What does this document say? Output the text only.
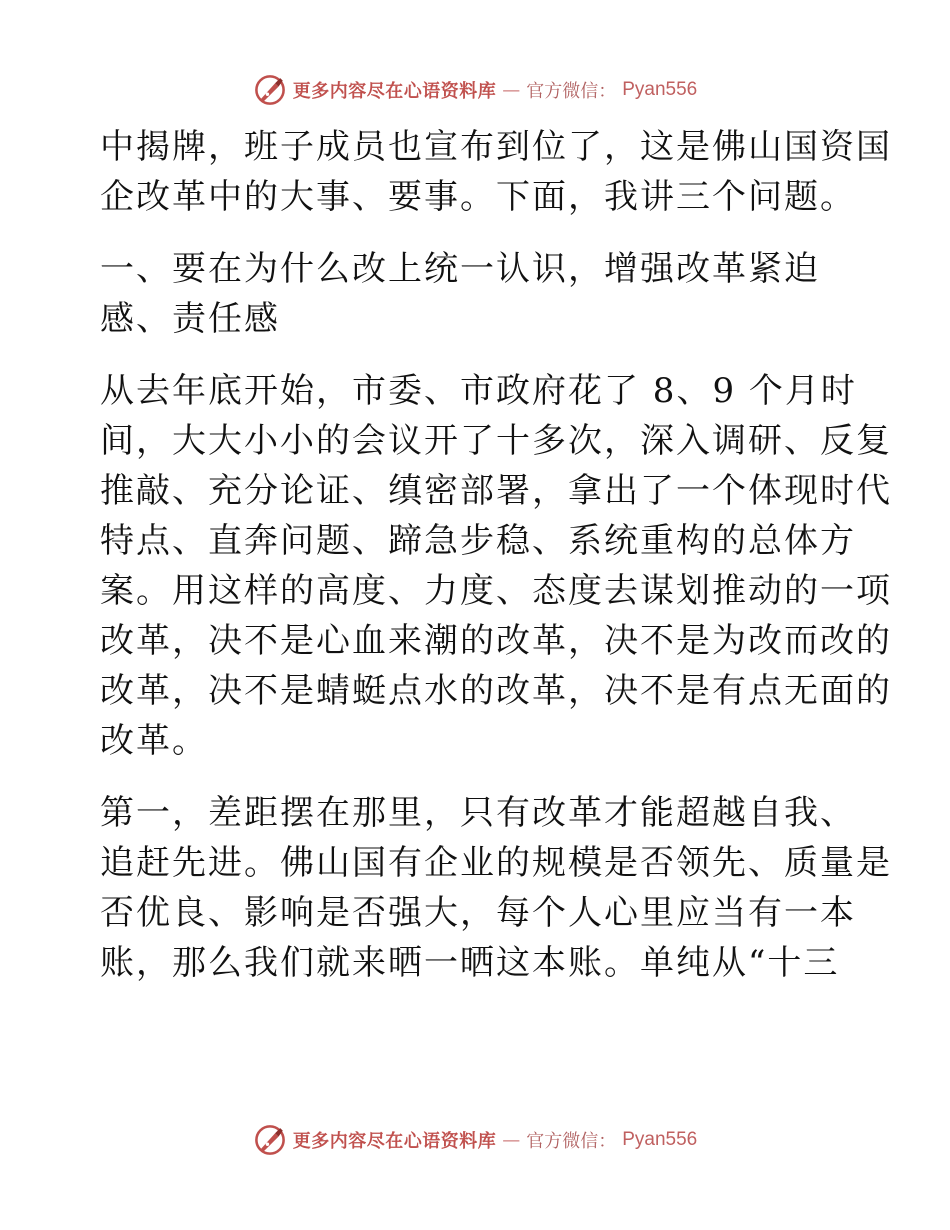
更多内容尽在心语资料库 — 官方微信： Pyan556

中揭牌，班子成员也宣布到位了，这是佛山国资国
企改革中的大事、要事。下面，我讲三个问题。

一、要在为什么改上统一认识，增强改革紧迫
感、责任感

从去年底开始，市委、市政府花了 8、9 个月时
间，大大小小的会议开了十多次，深入调研、反复
推敲、充分论证、缜密部署，拿出了一个体现时代
特点、直奔问题、蹄急步稳、系统重构的总体方
案。用这样的高度、力度、态度去谋划推动的一项
改革，决不是心血来潮的改革，决不是为改而改的
改革，决不是蜻蜓点水的改革，决不是有点无面的
改革。

第一，差距摆在那里，只有改革才能超越自我、
追赶先进。佛山国有企业的规模是否领先、质量是
否优良、影响是否强大，每个人心里应当有一本
账，那么我们就来晒一晒这本账。单纯从“十三

更多内容尽在心语资料库 — 官方微信： Pyan556
